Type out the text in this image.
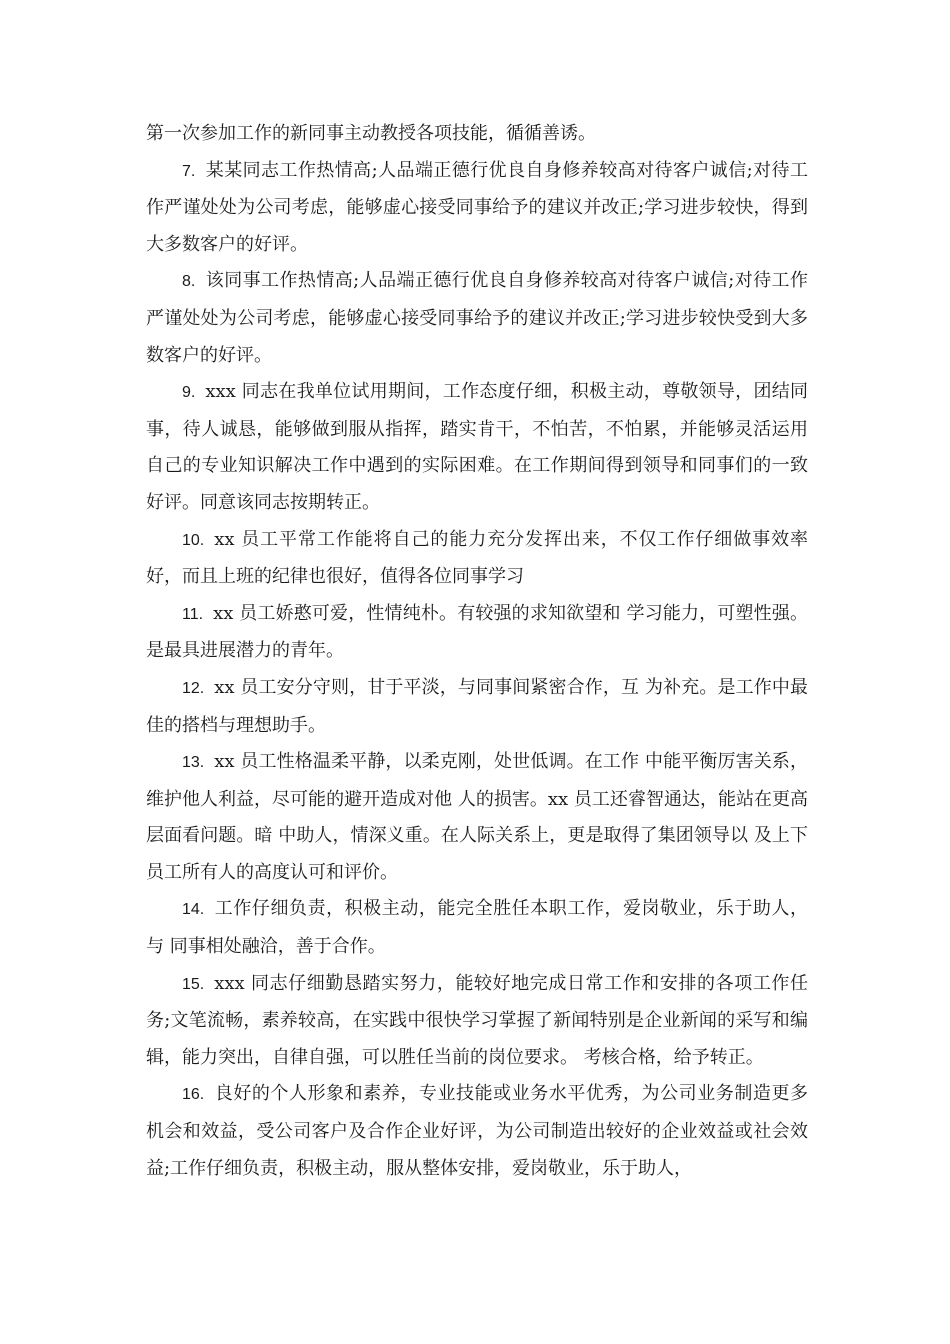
第一次参加工作的新同事主动教授各项技能，循循善诱。

7. 某某同志工作热情高;人品端正德行优良自身修养较高对待客户诚信;对待工 作严谨处处为公司考虑，能够虚心接受同事给予的建议并改正;学习进步较快，得到大多数客户的好评。

8. 该同事工作热情高;人品端正德行优良自身修养较高对待客户诚信;对待工作严谨处处为公司考虑，能够虚心接受同事给予的建议并改正;学习进步较快受到大多数客户的好评。

9. xxx 同志在我单位试用期间，工作态度仔细，积极主动，尊敬领导，团结同事，待人诚恳，能够做到服从指挥，踏实肯干，不怕苦，不怕累，并能够灵活运用自己的专业知识解决工作中遇到的实际困难。在工作期间得到领导和同事们的一致好评。同意该同志按期转正。

10. xx 员工平常工作能将自己的能力充分发挥出来，不仅工作仔细做事效率好，而且上班的纪律也很好，值得各位同事学习

11. xx 员工娇憨可爱，性情纯朴。有较强的求知欲望和 学习能力，可塑性强。是最具进展潜力的青年。

12. xx 员工安分守则，甘于平淡，与同事间紧密合作，互 为补充。是工作中最佳的搭档与理想助手。

13. xx 员工性格温柔平静，以柔克刚，处世低调。在工作 中能平衡厉害关系，维护他人利益，尽可能的避开造成对他 人的损害。xx 员工还睿智通达，能站在更高层面看问题。暗 中助人，情深义重。在人际关系上，更是取得了集团领导以 及上下员工所有人的高度认可和评价。

14. 工作仔细负责，积极主动，能完全胜任本职工作，爱岗敬业，乐于助人，与 同事相处融洽，善于合作。

15. xxx 同志仔细勤恳踏实努力，能较好地完成日常工作和安排的各项工作任务;文笔流畅，素养较高，在实践中很快学习掌握了新闻特别是企业新闻的采写和编辑，能力突出，自律自强，可以胜任当前的岗位要求。 考核合格，给予转正。

16. 良好的个人形象和素养，专业技能或业务水平优秀，为公司业务制造更多机会和效益，受公司客户及合作企业好评，为公司制造出较好的企业效益或社会效益;工作仔细负责，积极主动，服从整体安排，爱岗敬业，乐于助人，
